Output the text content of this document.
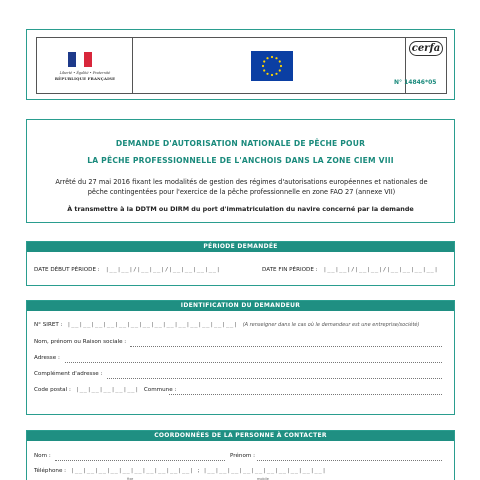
Liberté • Égalité • Fraternité
RÉPUBLIQUE FRANÇAISE
cerfa
N° 14846*05
DEMANDE D'AUTORISATION NATIONALE DE PÊCHE POUR
LA PÊCHE PROFESSIONNELLE DE L'ANCHOIS DANS LA ZONE CIEM VIII
Arrêté du 27 mai 2016 fixant les modalités de gestion des régimes d'autorisations européennes et nationales de pêche contingentées pour l'exercice de la pêche professionnelle en zone FAO 27 (annexe VII)
À transmettre à la DDTM ou DIRM du port d'immatriculation du navire concerné par la demande
PÉRIODE DEMANDÉE
DATE DÉBUT PÉRIODE : |__|__|/|__|__|/|__|__|__|__|	DATE FIN PÉRIODE : |__|__|/|__|__|/|__|__|__|__|
IDENTIFICATION DU DEMANDEUR
N° SIRET : |__|__|__|__|__|__|__|__|__|__|__|__|__|__| (A renseigner dans le cas où le demandeur est une entreprise/société)
Nom, prénom ou Raison sociale :
Adresse :
Complément d'adresse :
Code postal : |__|__|__|__|__| Commune :
COORDONNÉES DE LA PERSONNE À CONTACTER
Nom :	Prénom :
Téléphone : |__|__|__|__|__|__|__|__|__|__| ; |__|__|__|__|__|__|__|__|__|__|
fixe	mobile
